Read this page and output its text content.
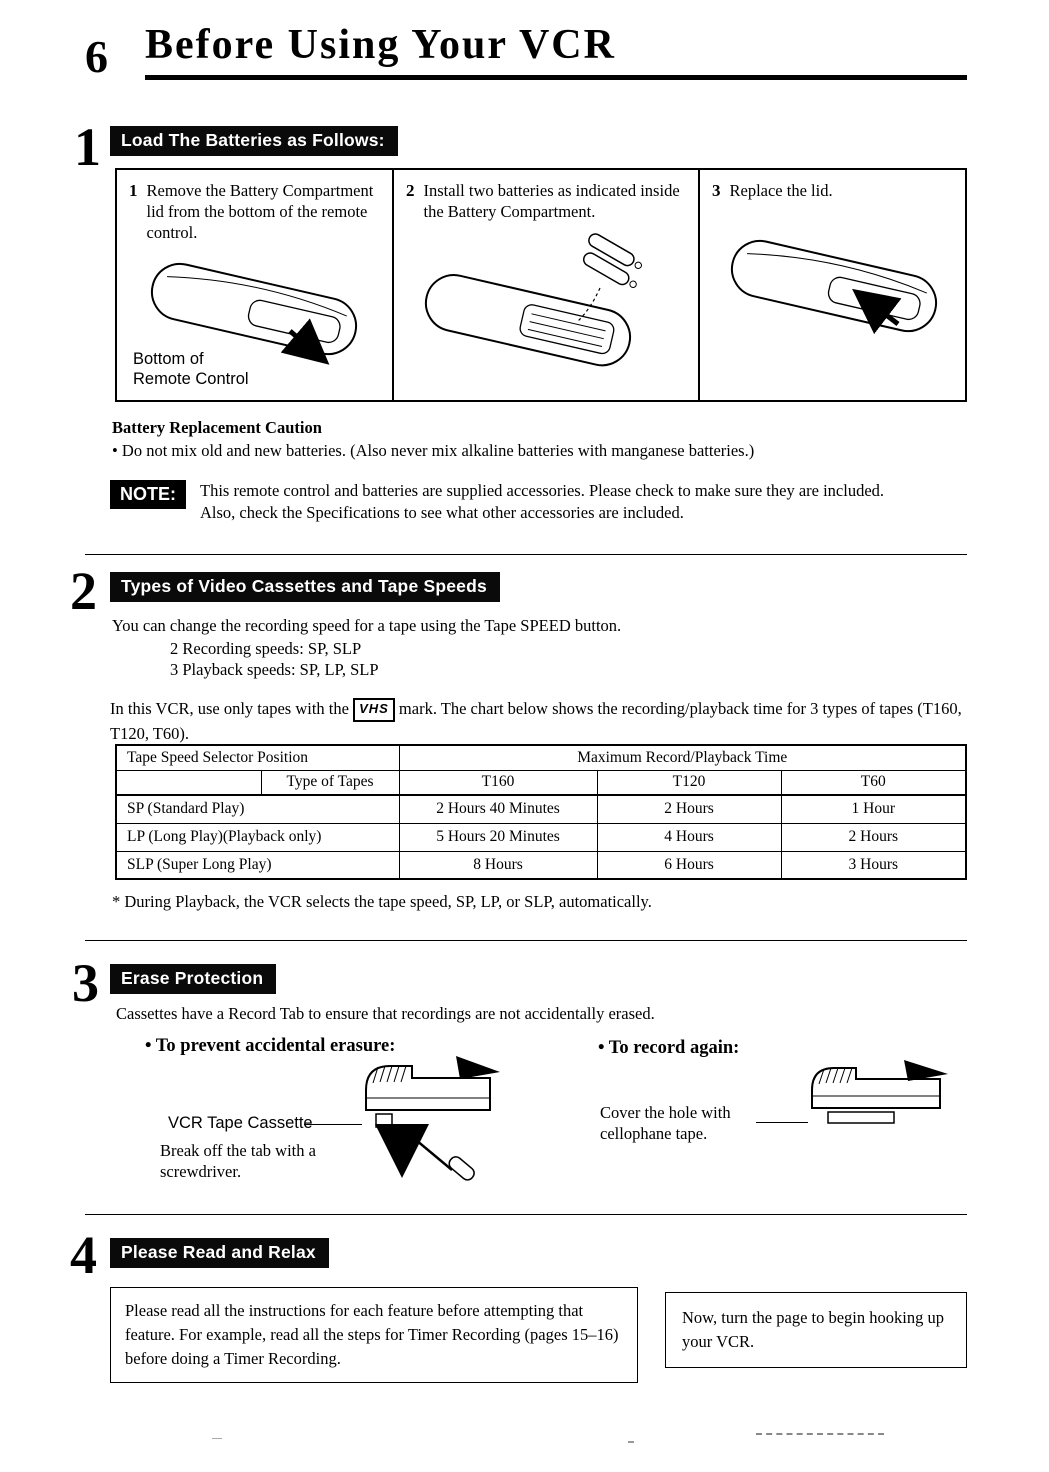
6 Before Using Your VCR
1	Load The Batteries as Follows:

1 Remove the Battery Compartment lid from the bottom of the remote control.

Bottom of Remote Control

2 Install two batteries as indicated inside the Battery Compartment.

3 Replace the lid.

Battery Replacement Caution

• Do not mix old and new batteries. (Also never mix alkaline batteries with manganese batteries.)

NOTE:	This remote control and batteries are supplied accessories. Please check to make sure they are included. Also, check the Specifications to see what other accessories are included.

2	Types of Video Cassettes and Tape Speeds

You can change the recording speed for a tape using the Tape SPEED button.

2 Recording speeds: SP, SLP

3 Playback speeds: SP, LP, SLP

In this VCR, use only tapes with the VHS mark. The chart below shows the recording/playback time for 3 types of tapes (T160, T120, T60).

Tape Speed Selector Position		Maximum Record/Playback Time		
	Type of Tapes	T160	T120	T60
SP (Standard Play)		2 Hours 40 Minutes	2 Hours	1 Hour
LP (Long Play)(Playback only)		5 Hours 20 Minutes	4 Hours	2 Hours
SLP (Super Long Play)		8 Hours	6 Hours	3 Hours

* During Playback, the VCR selects the tape speed, SP, LP, or SLP, automatically.

3	Erase Protection

Cassettes have a Record Tab to ensure that recordings are not accidentally erased.

• To prevent accidental erasure:	• To record again:

VCR Tape Cassette

Break off the tab with a screwdriver.

Cover the hole with cellophane tape.

4	Please Read and Relax
Please read all the instructions for each feature before attempting that feature. For example, read all the steps for Timer Recording (pages 15–16) before doing a Timer Recording.
Now, turn the page to begin hooking up your VCR.
